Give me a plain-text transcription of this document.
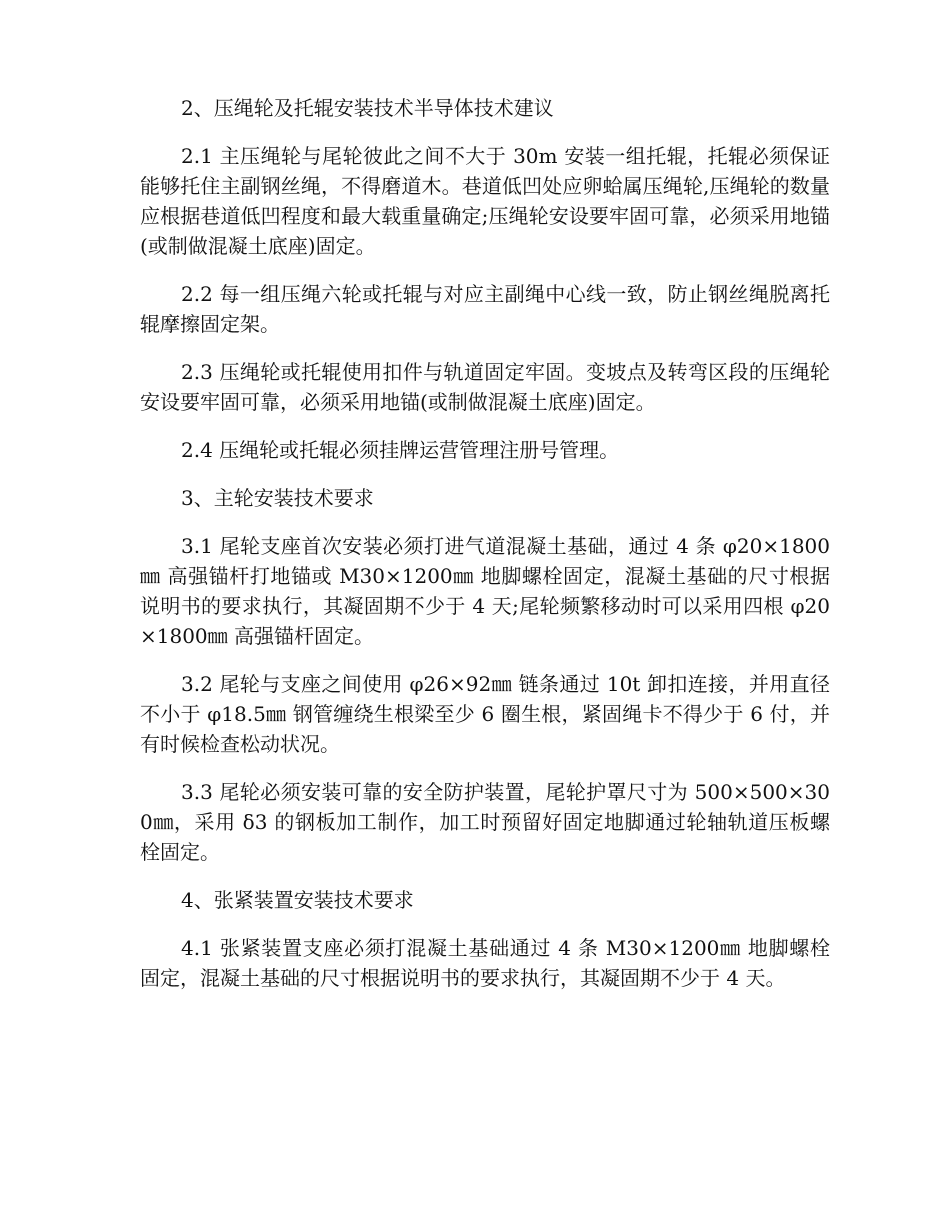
2、压绳轮及托辊安装技术半导体技术建议

2.1 主压绳轮与尾轮彼此之间不大于 30m 安装一组托辊，托辊必须保证能够托住主副钢丝绳，不得磨道木。巷道低凹处应卵蛤属压绳轮,压绳轮的数量应根据巷道低凹程度和最大载重量确定;压绳轮安设要牢固可靠，必须采用地锚(或制做混凝土底座)固定。

2.2 每一组压绳六轮或托辊与对应主副绳中心线一致，防止钢丝绳脱离托辊摩擦固定架。

2.3 压绳轮或托辊使用扣件与轨道固定牢固。变坡点及转弯区段的压绳轮安设要牢固可靠，必须采用地锚(或制做混凝土底座)固定。

2.4 压绳轮或托辊必须挂牌运营管理注册号管理。

3、主轮安装技术要求

3.1 尾轮支座首次安装必须打进气道混凝土基础，通过 4 条 φ20×1800㎜ 高强锚杆打地锚或 M30×1200㎜ 地脚螺栓固定，混凝土基础的尺寸根据说明书的要求执行，其凝固期不少于 4 天;尾轮频繁移动时可以采用四根 φ20×1800㎜ 高强锚杆固定。

3.2 尾轮与支座之间使用 φ26×92㎜ 链条通过 10t 卸扣连接，并用直径不小于 φ18.5㎜ 钢管缠绕生根梁至少 6 圈生根，紧固绳卡不得少于 6 付，并有时候检查松动状况。

3.3 尾轮必须安装可靠的安全防护装置，尾轮护罩尺寸为 500×500×300㎜，采用 δ3 的钢板加工制作，加工时预留好固定地脚通过轮轴轨道压板螺栓固定。

4、张紧装置安装技术要求

4.1 张紧装置支座必须打混凝土基础通过 4 条 M30×1200㎜ 地脚螺栓固定，混凝土基础的尺寸根据说明书的要求执行，其凝固期不少于 4 天。
